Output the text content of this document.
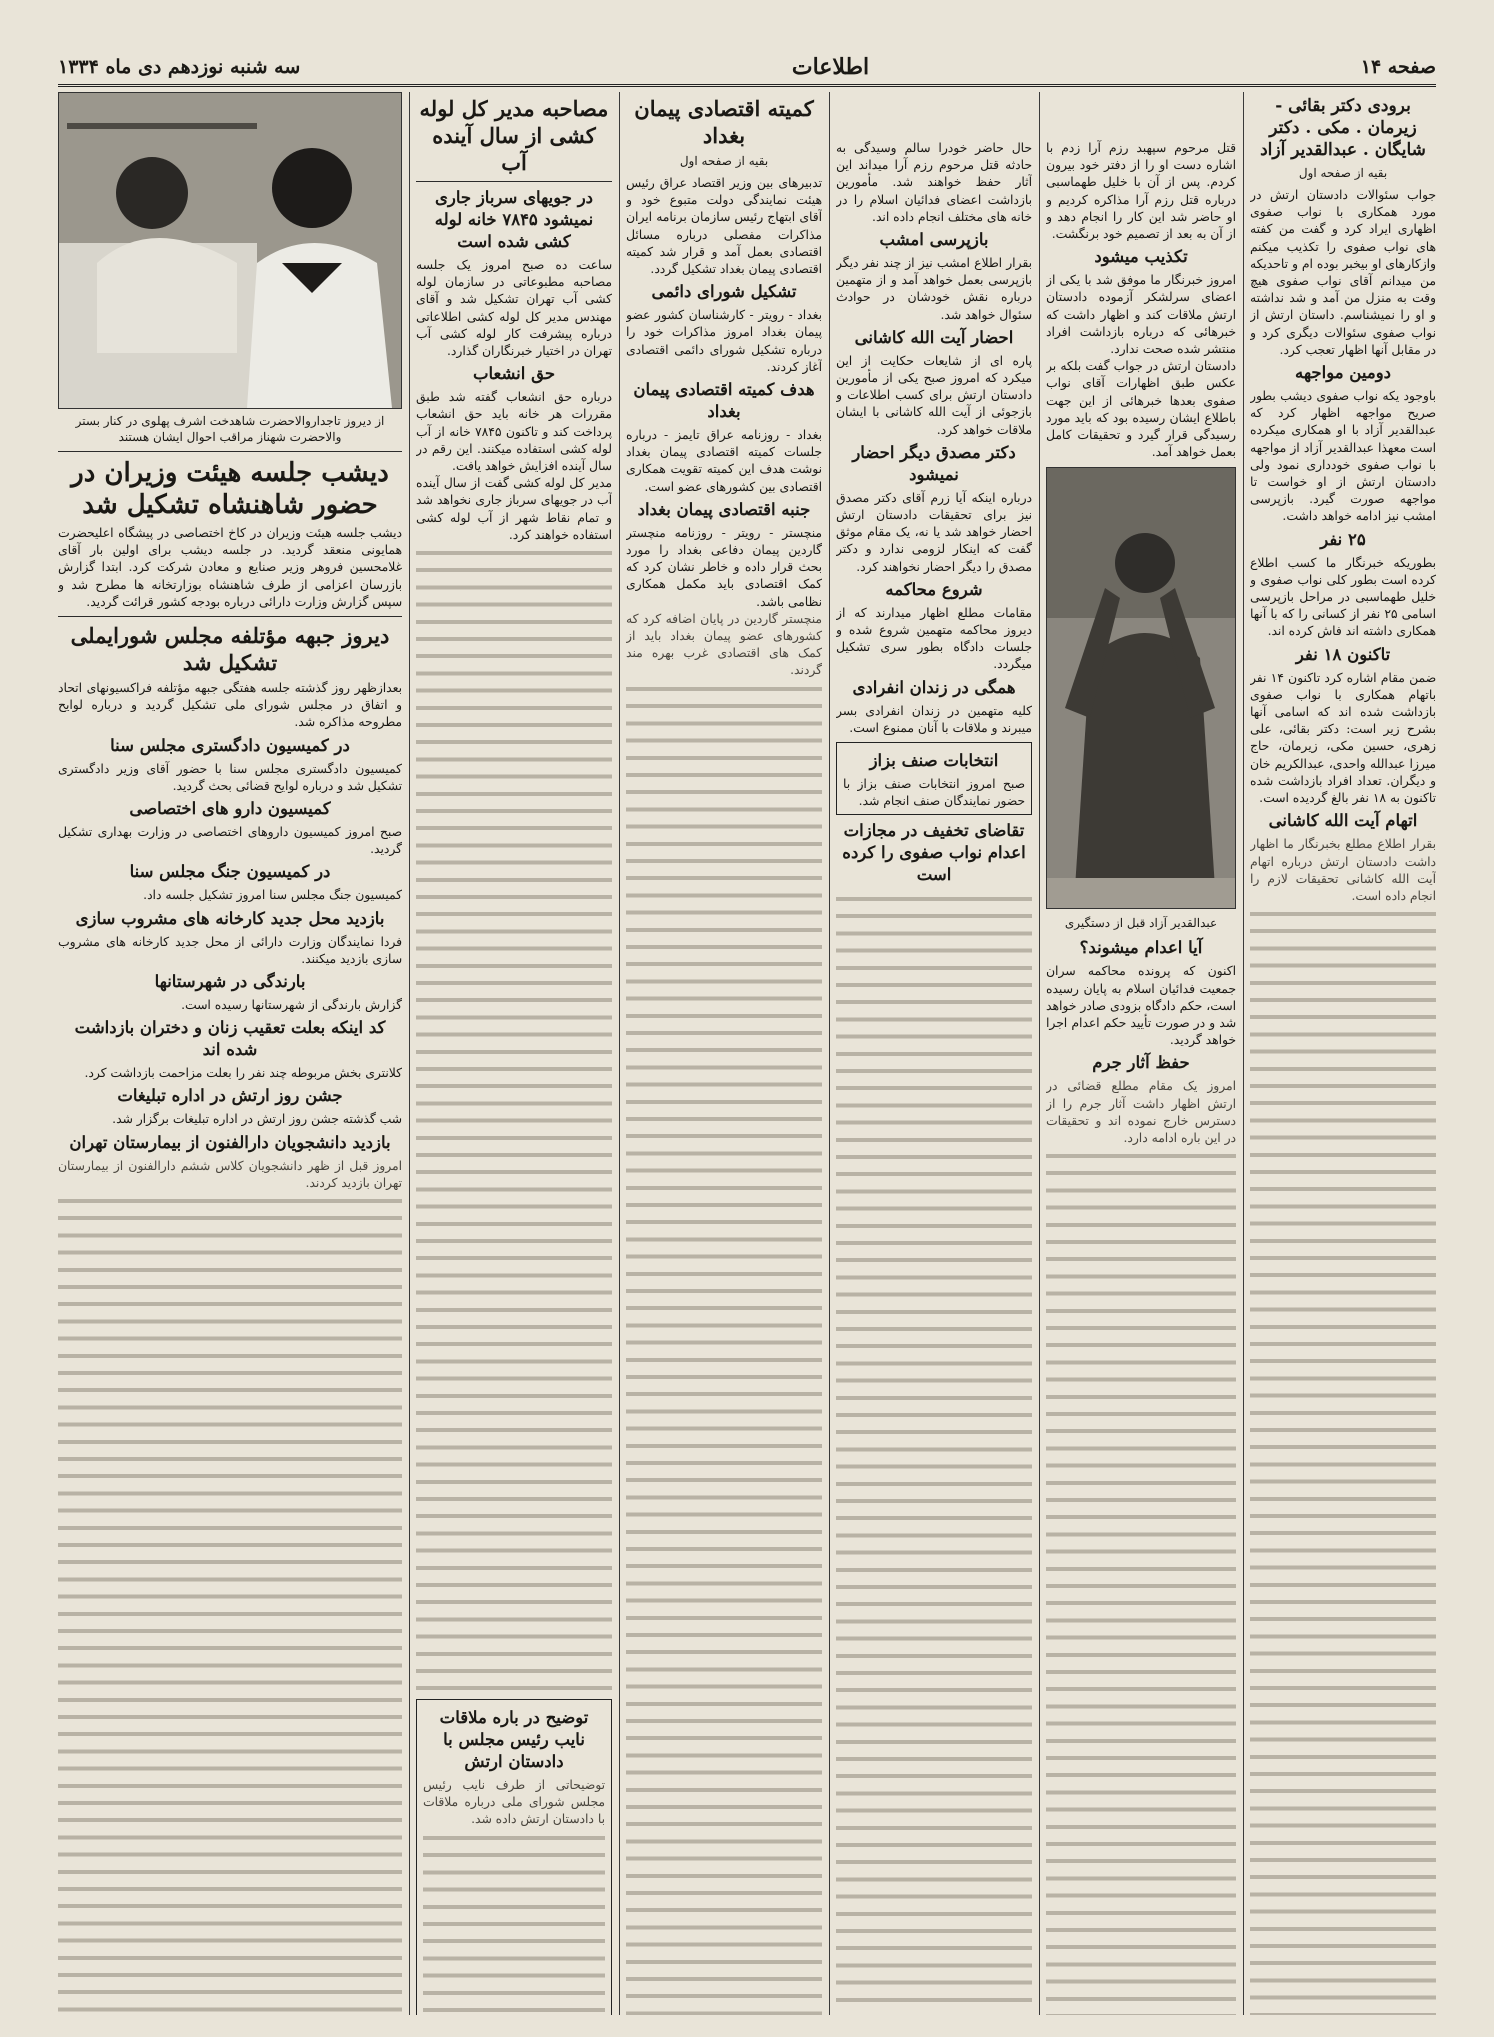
صفحه ۱۴
اطلاعات
سه شنبه نوزدهم دی ماه ۱۳۳۴
برودی دکتر بقائی - زیرمان . مکی . دکتر شایگان . عبدالقدیر آزاد
بقیه از صفحه اول
جواب سئوالات دادستان ارتش در مورد همکاری با نواب صفوی اظهاری ایراد کرد و گفت من کفته های نواب صفوی را تکذیب میکنم وازکارهای او بیخبر بوده ام و تاحدیکه من میدانم آقای نواب صفوی هیچ وقت به منزل من آمد و شد نداشته و او را نمیشناسم. داستان ارتش از نواب صفوی سئوالات دیگری کرد و در مقابل آنها اظهار تعجب کرد.
دومین مواجهه
باوجود یکه نواب صفوی دیشب بطور صریح مواجهه اظهار کرد که عبدالقدیر آزاد با او همکاری میکرده است معهذا عبدالقدیر آزاد از مواجهه با نواب صفوی خودداری نمود ولی دادستان ارتش از او خواست تا مواجهه صورت گیرد. بازپرسی امشب نیز ادامه خواهد داشت.
۲۵ نفر
بطوریکه خبرنگار ما کسب اطلاع کرده است بطور کلی نواب صفوی و خلیل طهماسبی در مراحل بازپرسی اسامی ۲۵ نفر از کسانی را که با آنها همکاری داشته اند فاش کرده اند.
تاکنون ۱۸ نفر
ضمن مقام اشاره کرد تاکنون ۱۴ نفر باتهام همکاری با نواب صفوی بازداشت شده اند که اسامی آنها بشرح زیر است: دکتر بقائی، علی زهری، حسین مکی، زیرمان، حاج میرزا عبدالله واحدی، عبدالکریم خان و دیگران. تعداد افراد بازداشت شده تاکنون به ۱۸ نفر بالغ گردیده است.
اتهام آیت الله کاشانی
بقرار اطلاع مطلع بخبرنگار ما اظهار داشت دادستان ارتش درباره اتهام آیت الله کاشانی تحقیقات لازم را انجام داده است.
قتل مرحوم سپهبد رزم آرا زدم با اشاره دست او را از دفتر خود بیرون کردم. پس از آن با خلیل طهماسبی درباره قتل رزم آرا مذاکره کردیم و او حاضر شد این کار را انجام دهد و از آن به بعد از تصمیم خود برنگشت.
تکذیب میشود
امروز خبرنگار ما موفق شد با یکی از اعضای سرلشکر آزموده دادستان ارتش ملاقات کند و اظهار داشت که خبرهائی که درباره بازداشت افراد منتشر شده صحت ندارد.
دادستان ارتش در جواب گفت بلکه بر عکس طبق اظهارات آقای نواب صفوی بعدها خبرهائی از این جهت باطلاع ایشان رسیده بود که باید مورد رسیدگی قرار گیرد و تحقیقات کامل بعمل خواهد آمد.
عبدالقدیر آزاد قبل از دستگیری
آیا اعدام میشوند؟
اکنون که پرونده محاکمه سران جمعیت فدائیان اسلام به پایان رسیده است، حکم دادگاه بزودی صادر خواهد شد و در صورت تأیید حکم اعدام اجرا خواهد گردید.
حفظ آثار جرم
امروز یک مقام مطلع قضائی در ارتش اظهار داشت آثار جرم را از دسترس خارج نموده اند و تحقیقات در این باره ادامه دارد.
حال حاضر خودرا سالم وسیدگی به حادثه قتل مرحوم رزم آرا میداند این آثار حفظ خواهند شد. مأمورین بازداشت اعضای فدائیان اسلام را در خانه های مختلف انجام داده اند.
بازپرسی امشب
بقرار اطلاع امشب نیز از چند نفر دیگر بازپرسی بعمل خواهد آمد و از متهمین درباره نقش خودشان در حوادث سئوال خواهد شد.
احضار آیت الله کاشانی
پاره ای از شایعات حکایت از این میکرد که امروز صبح یکی از مأمورین دادستان ارتش برای کسب اطلاعات و بازجوئی از آیت الله کاشانی با ایشان ملاقات خواهد کرد.
دکتر مصدق دیگر احضار نمیشود
درباره اینکه آیا زرم آقای دکتر مصدق نیز برای تحقیقات دادستان ارتش احضار خواهد شد یا نه، یک مقام موثق گفت که اینکار لزومی ندارد و دکتر مصدق را دیگر احضار نخواهند کرد.
شروع محاکمه
مقامات مطلع اظهار میدارند که از دیروز محاکمه متهمین شروع شده و جلسات دادگاه بطور سری تشکیل میگردد.
همگی در زندان انفرادی
کلیه متهمین در زندان انفرادی بسر میبرند و ملاقات با آنان ممنوع است.
انتخابات صنف بزاز
صبح امروز انتخابات صنف بزاز با حضور نمایندگان صنف انجام شد.
تقاضای تخفیف در مجازات اعدام نواب صفوی را کرده است
کمیته اقتصادی پیمان بغداد
بقیه از صفحه اول
تدبیرهای بین وزیر اقتصاد عراق رئیس هیئت نمایندگی دولت متبوع خود و آقای ابتهاج رئیس سازمان برنامه ایران مذاکرات مفصلی درباره مسائل اقتصادی بعمل آمد و قرار شد کمیته اقتصادی پیمان بغداد تشکیل گردد.
تشکیل شورای دائمی
بغداد - رویتر - کارشناسان کشور عضو پیمان بغداد امروز مذاکرات خود را درباره تشکیل شورای دائمی اقتصادی آغاز کردند.
هدف کمیته اقتصادی پیمان بغداد
بغداد - روزنامه عراق تایمز - درباره جلسات کمیته اقتصادی پیمان بغداد نوشت هدف این کمیته تقویت همکاری اقتصادی بین کشورهای عضو است.
جنبه اقتصادی پیمان بغداد
منچستر - رویتر - روزنامه منچستر گاردین پیمان دفاعی بغداد را مورد بحث قرار داده و خاطر نشان کرد که کمک اقتصادی باید مکمل همکاری نظامی باشد.
منچستر گاردین در پایان اضافه کرد که کشورهای عضو پیمان بغداد باید از کمک های اقتصادی غرب بهره مند گردند.
مصاحبه مدیر کل لوله کشی از سال آینده آب
در جویهای سرباز جاری نمیشود ۷۸۴۵ خانه لوله کشی شده است
ساعت ده صبح امروز یک جلسه مصاحبه مطبوعاتی در سازمان لوله کشی آب تهران تشکیل شد و آقای مهندس مدیر کل لوله کشی اطلاعاتی درباره پیشرفت کار لوله کشی آب تهران در اختیار خبرنگاران گذارد.
حق انشعاب
درباره حق انشعاب گفته شد طبق مقررات هر خانه باید حق انشعاب پرداخت کند و تاکنون ۷۸۴۵ خانه از آب لوله کشی استفاده میکنند. این رقم در سال آینده افزایش خواهد یافت.
مدیر کل لوله کشی گفت از سال آینده آب در جویهای سرباز جاری نخواهد شد و تمام نقاط شهر از آب لوله کشی استفاده خواهند کرد.
توضیح در باره ملاقات نایب رئیس مجلس با دادستان ارتش
توضیحاتی از طرف نایب رئیس مجلس شورای ملی درباره ملاقات با دادستان ارتش داده شد.
از دیروز تاجداروالاحضرت شاهدخت اشرف پهلوی در کنار بستر والاحضرت شهناز مراقب احوال ایشان هستند
دیشب جلسه هیئت وزیران در حضور شاهنشاه تشکیل شد
دیشب جلسه هیئت وزیران در کاخ اختصاصی در پیشگاه اعلیحضرت همایونی منعقد گردید. در جلسه دیشب برای اولین بار آقای غلامحسین فروهر وزیر صنایع و معادن شرکت کرد. ابتدا گزارش بازرسان اعزامی از طرف شاهنشاه بوزارتخانه ها مطرح شد و سپس گزارش وزارت دارائی درباره بودجه کشور قرائت گردید.
دیروز جبهه مؤتلفه مجلس شورایملی تشکیل شد
بعدازظهر روز گذشته جلسه هفتگی جبهه مؤتلفه فراکسیونهای اتحاد و اتفاق در مجلس شورای ملی تشکیل گردید و درباره لوایح مطروحه مذاکره شد.
در کمیسیون دادگستری مجلس سنا
کمیسیون دادگستری مجلس سنا با حضور آقای وزیر دادگستری تشکیل شد و درباره لوایح قضائی بحث گردید.
کمیسیون دارو های اختصاصی
صبح امروز کمیسیون داروهای اختصاصی در وزارت بهداری تشکیل گردید.
در کمیسیون جنگ مجلس سنا
کمیسیون جنگ مجلس سنا امروز تشکیل جلسه داد.
بازدید محل جدید کارخانه های مشروب سازی
فردا نمایندگان وزارت دارائی از محل جدید کارخانه های مشروب سازی بازدید میکنند.
بارندگی در شهرستانها
گزارش بارندگی از شهرستانها رسیده است.
کد اینکه بعلت تعقیب زنان و دختران بازداشت شده اند
کلانتری بخش مربوطه چند نفر را بعلت مزاحمت بازداشت کرد.
جشن روز ارتش در اداره تبلیغات
شب گذشته جشن روز ارتش در اداره تبلیغات برگزار شد.
بازدید دانشجویان دارالفنون از بیمارستان تهران
امروز قبل از ظهر دانشجویان کلاس ششم دارالفنون از بیمارستان تهران بازدید کردند.
